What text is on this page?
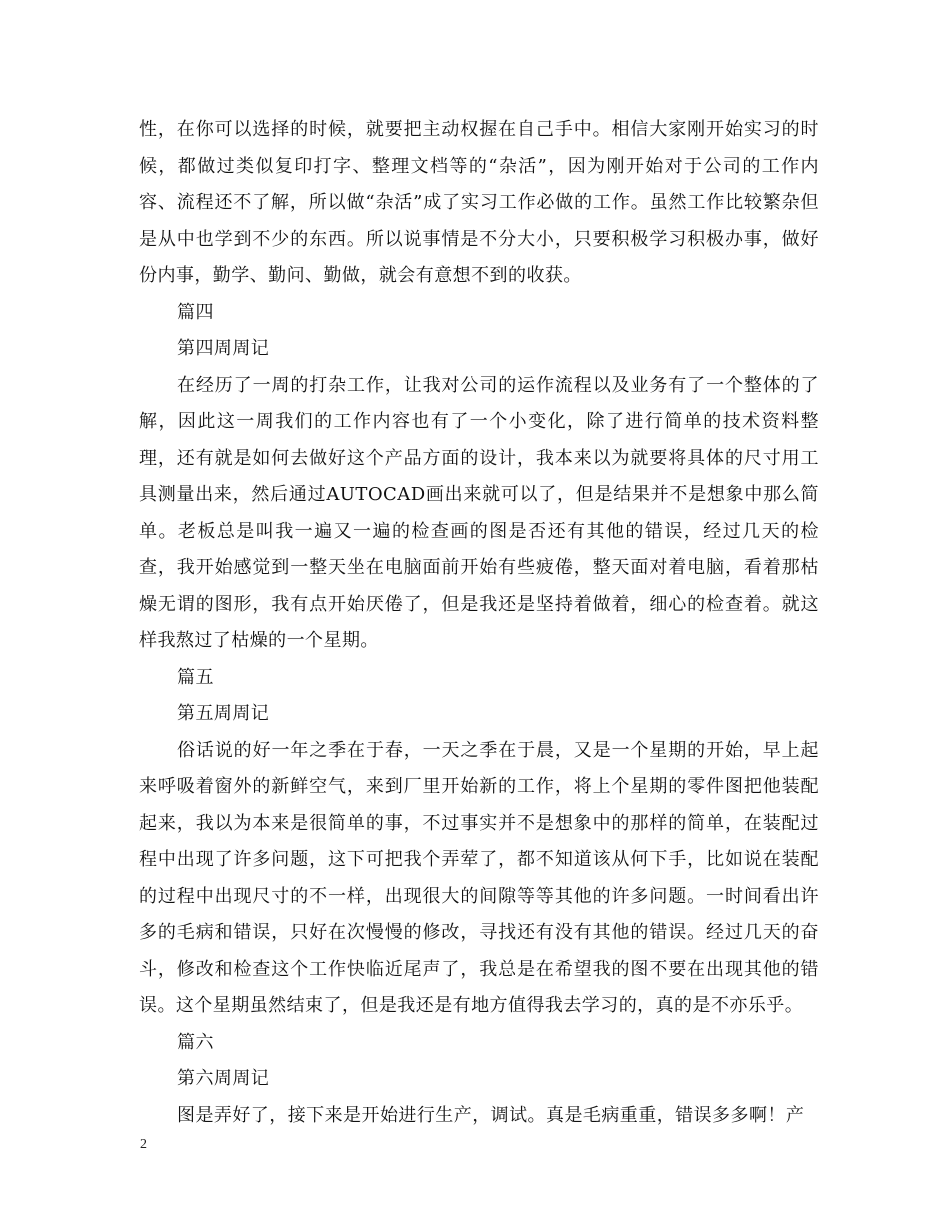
性，在你可以选择的时候，就要把主动权握在自己手中。相信大家刚开始实习的时候，都做过类似复印打字、整理文档等的“杂活”，因为刚开始对于公司的工作内容、流程还不了解，所以做“杂活”成了实习工作必做的工作。虽然工作比较繁杂但是从中也学到不少的东西。所以说事情是不分大小，只要积极学习积极办事，做好份内事，勤学、勤问、勤做，就会有意想不到的收获。

篇四

第四周周记

在经历了一周的打杂工作，让我对公司的运作流程以及业务有了一个整体的了解，因此这一周我们的工作内容也有了一个小变化，除了进行简单的技术资料整理，还有就是如何去做好这个产品方面的设计，我本来以为就要将具体的尺寸用工具测量出来，然后通过AUTOCAD画出来就可以了，但是结果并不是想象中那么简单。老板总是叫我一遍又一遍的检查画的图是否还有其他的错误，经过几天的检查，我开始感觉到一整天坐在电脑面前开始有些疲倦，整天面对着电脑，看着那枯燥无谓的图形，我有点开始厌倦了，但是我还是坚持着做着，细心的检查着。就这样我熬过了枯燥的一个星期。

篇五

第五周周记

俗话说的好一年之季在于春，一天之季在于晨，又是一个星期的开始，早上起来呼吸着窗外的新鲜空气，来到厂里开始新的工作，将上个星期的零件图把他装配起来，我以为本来是很简单的事，不过事实并不是想象中的那样的简单，在装配过程中出现了许多问题，这下可把我个弄荤了，都不知道该从何下手，比如说在装配的过程中出现尺寸的不一样，出现很大的间隙等等其他的许多问题。一时间看出许多的毛病和错误，只好在次慢慢的修改，寻找还有没有其他的错误。经过几天的奋斗，修改和检查这个工作快临近尾声了，我总是在希望我的图不要在出现其他的错误。这个星期虽然结束了，但是我还是有地方值得我去学习的，真的是不亦乐乎。

篇六

第六周周记

图是弄好了，接下来是开始进行生产，调试。真是毛病重重，错误多多啊！产

2
